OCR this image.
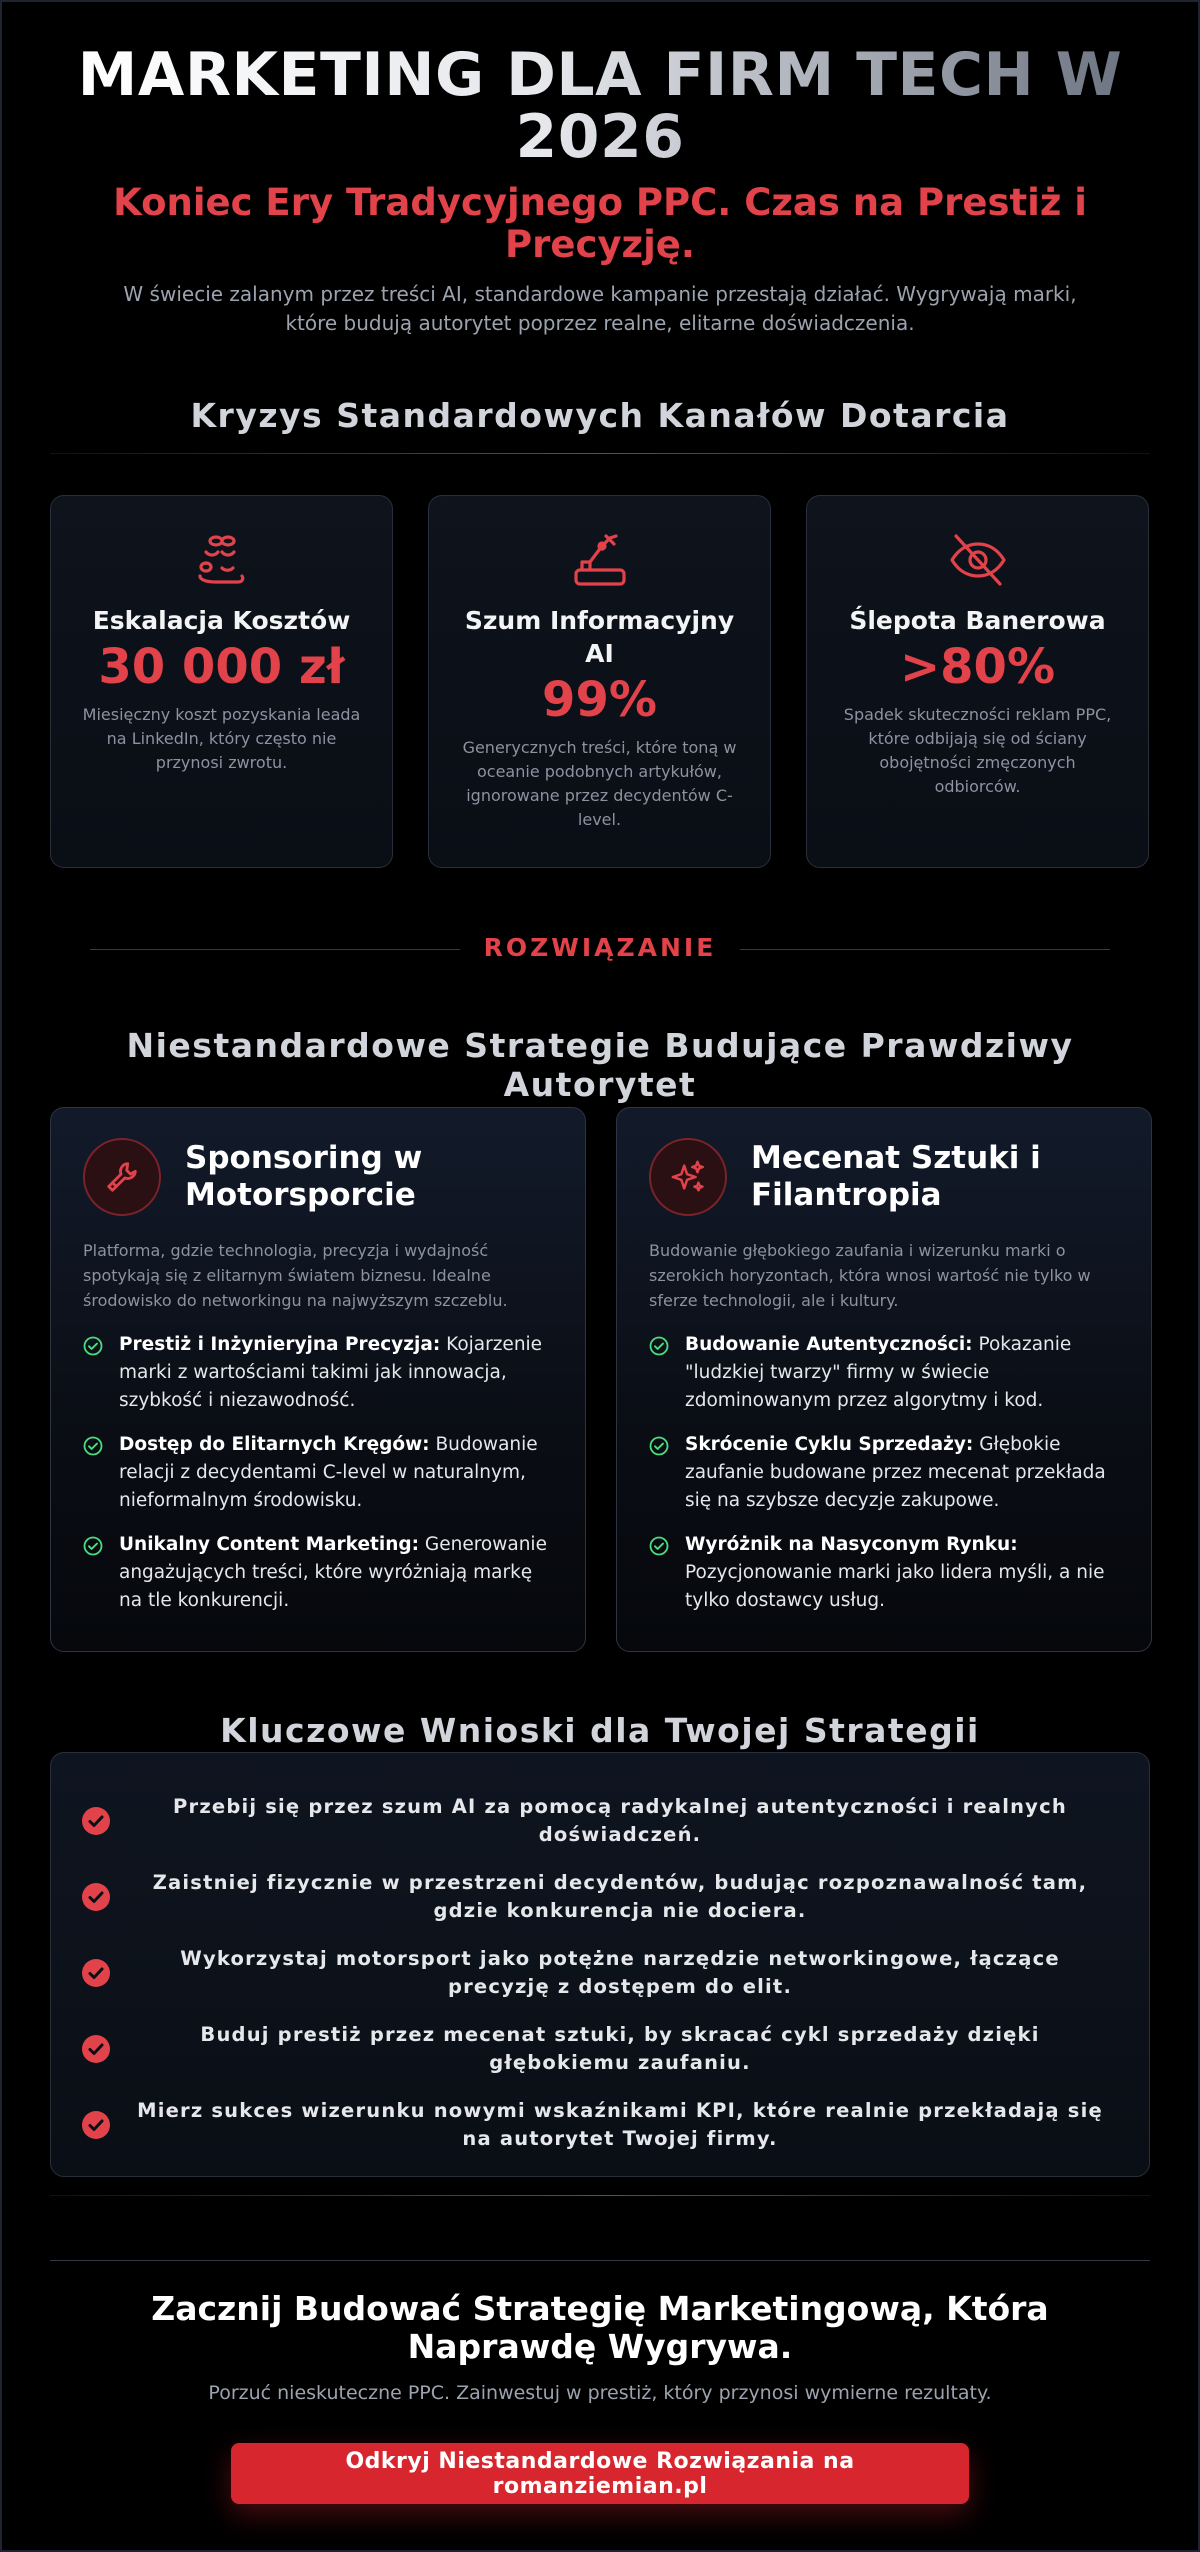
MARKETING DLA FIRM TECH W 2026
Koniec Ery Tradycyjnego PPC. Czas na Prestiż i Precyzję.

W świecie zalanym przez treści AI, standardowe kampanie przestają działać. Wygrywają marki, które budują autorytet poprzez realne, elitarne doświadczenia.

Kryzys Standardowych Kanałów Dotarcia
Eskalacja Kosztów
30 000 zł
Miesięczny koszt pozyskania leada na LinkedIn, który często nie przynosi zwrotu.
Szum Informacyjny AI
99%
Generycznych treści, które toną w oceanie podobnych artykułów, ignorowane przez decydentów C-level.
Ślepota Banerowa
>80%
Spadek skuteczności reklam PPC, które odbijają się od ściany obojętności zmęczonych odbiorców.
ROZWIĄZANIE
Niestandardowe Strategie Budujące Prawdziwy Autorytet
Sponsoring w Motorsporcie
Platforma, gdzie technologia, precyzja i wydajność spotykają się z elitarnym światem biznesu. Idealne środowisko do networkingu na najwyższym szczeblu.
Prestiż i Inżynieryjna Precyzja: Kojarzenie marki z wartościami takimi jak innowacja, szybkość i niezawodność.
Dostęp do Elitarnych Kręgów: Budowanie relacji z decydentami C-level w naturalnym, nieformalnym środowisku.
Unikalny Content Marketing: Generowanie angażujących treści, które wyróżniają markę na tle konkurencji.
Mecenat Sztuki i Filantropia
Budowanie głębokiego zaufania i wizerunku marki o szerokich horyzontach, która wnosi wartość nie tylko w sferze technologii, ale i kultury.
Budowanie Autentyczności: Pokazanie "ludzkiej twarzy" firmy w świecie zdominowanym przez algorytmy i kod.
Skrócenie Cyklu Sprzedaży: Głębokie zaufanie budowane przez mecenat przekłada się na szybsze decyzje zakupowe.
Wyróżnik na Nasyconym Rynku: Pozycjonowanie marki jako lidera myśli, a nie tylko dostawcy usług.
Kluczowe Wnioski dla Twojej Strategii
Przebij się przez szum AI za pomocą radykalnej autentyczności i realnych doświadczeń.
Zaistniej fizycznie w przestrzeni decydentów, budując rozpoznawalność tam, gdzie konkurencja nie dociera.
Wykorzystaj motorsport jako potężne narzędzie networkingowe, łączące precyzję z dostępem do elit.
Buduj prestiż przez mecenat sztuki, by skracać cykl sprzedaży dzięki głębokiemu zaufaniu.
Mierz sukces wizerunku nowymi wskaźnikami KPI, które realnie przekładają się na autorytet Twojej firmy.
Zacznij Budować Strategię Marketingową, Która Naprawdę Wygrywa.

Porzuć nieskuteczne PPC. Zainwestuj w prestiż, który przynosi wymierne rezultaty.

Odkryj Niestandardowe Rozwiązania na romanziemian.pl
